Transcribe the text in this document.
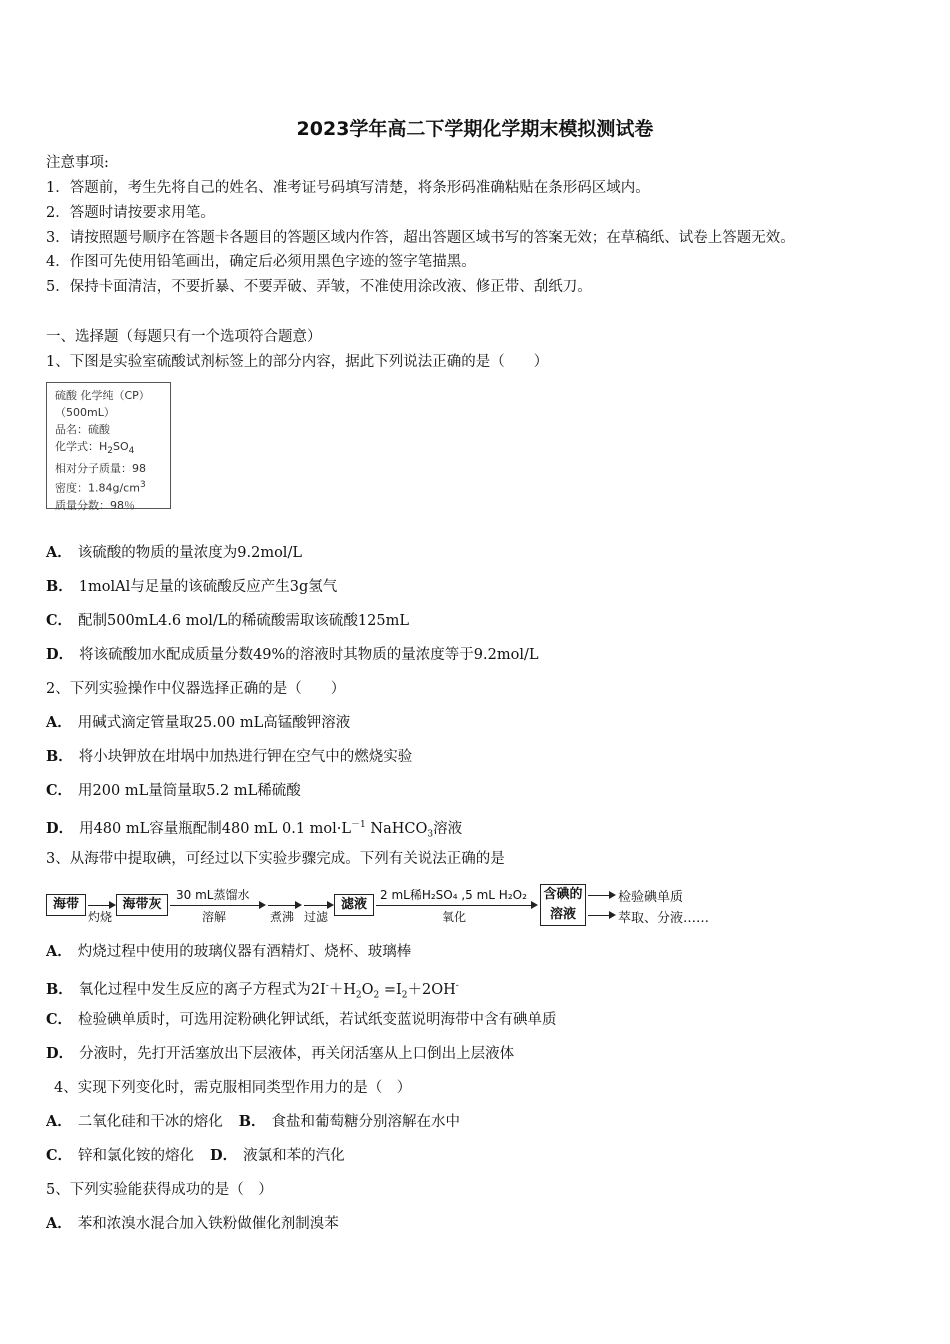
2023学年高二下学期化学期末模拟测试卷
注意事项:
1．答题前，考生先将自己的姓名、准考证号码填写清楚，将条形码准确粘贴在条形码区域内。
2．答题时请按要求用笔。
3．请按照题号顺序在答题卡各题目的答题区域内作答，超出答题区域书写的答案无效；在草稿纸、试卷上答题无效。
4．作图可先使用铅笔画出，确定后必须用黑色字迹的签字笔描黑。
5．保持卡面清洁，不要折暴、不要弄破、弄皱，不准使用涂改液、修正带、刮纸刀。
一、选择题（每题只有一个选项符合题意）
1、下图是实验室硫酸试剂标签上的部分内容，据此下列说法正确的是（　　）
硫酸 化学纯（CP）
（500mL）
品名：硫酸
化学式：$H_2SO_4$
相对分子质量：98
密度：$1.84g/cm^3$
质量分数：98％
A． 该硫酸的物质的量浓度为9.2mol/L
B． 1molAl与足量的该硫酸反应产生3g氢气
C． 配制500mL4.6 mol/L的稀硫酸需取该硫酸125mL
D． 将该硫酸加水配成质量分数49%的溶液时其物质的量浓度等于9.2mol/L
2、下列实验操作中仪器选择正确的是（　　）
A． 用碱式滴定管量取25.00 mL高锰酸钾溶液
B． 将小块钾放在坩埚中加热进行钾在空气中的燃烧实验
C． 用200 mL量筒量取5.2 mL稀硫酸
D． 用480 mL容量瓶配制480 mL 0.1 $mol\cdot L^{-1}$ NaHCO$_3$溶液
3、从海带中提取碘，可经过以下实验步骤完成。下列有关说法正确的是
海带
灼烧
海带灰
30 mL蒸馏水
溶解	煮沸 过滤
滤液
2 mL稀H₂SO₄ ,5 mL H₂O₂
氧化
含碘的
溶液
检验碘单质
萃取、分液……
A． 灼烧过程中使用的玻璃仪器有酒精灯、烧杯、玻璃棒
B． 氧化过程中发生反应的离子方程式为$2I^-+H_2O_2 =I_2+2OH^-$
C． 检验碘单质时，可选用淀粉碘化钾试纸，若试纸变蓝说明海带中含有碘单质
D． 分液时，先打开活塞放出下层液体，再关闭活塞从上口倒出上层液体
4、实现下列变化时，需克服相同类型作用力的是（　）
A． 二氧化硅和干冰的熔化 B． 食盐和葡萄糖分别溶解在水中
C． 锌和氯化铵的熔化 D． 液氯和苯的汽化
5、下列实验能获得成功的是（　）
A． 苯和浓溴水混合加入铁粉做催化剂制溴苯
